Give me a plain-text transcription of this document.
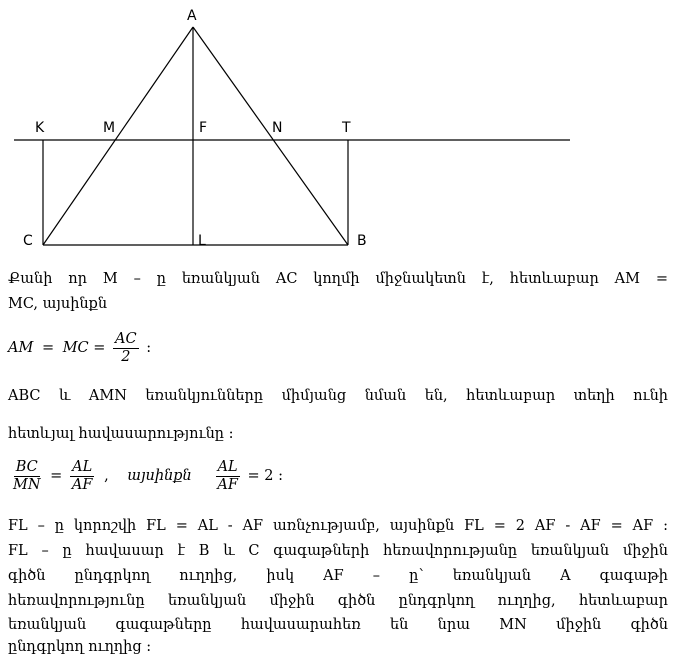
A
K	M	F	N	T
C	L	B
Քանի որ M – ը եռանկյան AC կողմի միջնակետն է, հետևաբար AM =
MC, այսինքն
AM = MC = $\frac{AC}{2}$ :
ABC և AMN եռանկյունները միմյանց նման են, հետևաբար տեղի ունի
հետևյալ հավասարությունը :
$\frac{BC}{MN} = \frac{AL}{AF}$ , այսինքն $\frac{AL}{AF} = 2$ :
FL – ը կորոշվի FL = AL - AF առնչությամբ, այսինքն FL = 2 AF - AF = AF :
FL – ը հավասար է B և C գագաթների հեռավորությանը եռանկյան միջին
գիծն ընդգրկող ուղղից, իսկ AF – ը՝ եռանկյան A գագաթի
հեռավորությունը եռանկյան միջին գիծն ընդգրկող ուղղից, հետևաբար
եռանկյան գագաթները հավասարահեռ են նրա MN միջին գիծն
ընդգրկող ուղղից :
